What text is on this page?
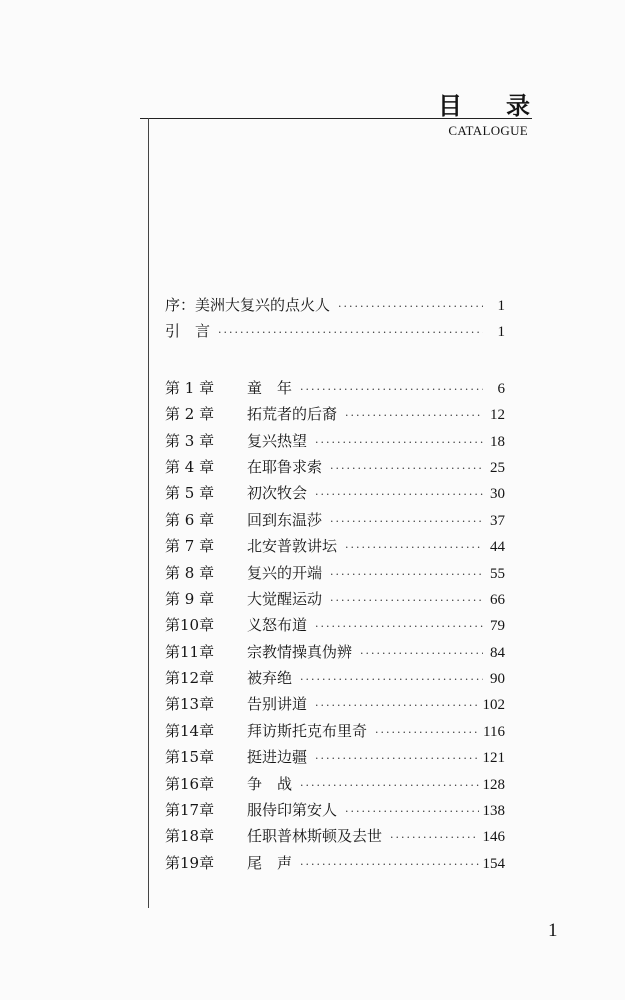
目 录
CATALOGUE
序：美洲大复兴的点火人 ·····	1
引　言 ·····	1
第 1 章	童　年 ·····	6
第 2 章	拓荒者的后裔 ·····	12
第 3 章	复兴热望 ·····	18
第 4 章	在耶鲁求索 ·····	25
第 5 章	初次牧会 ·····	30
第 6 章	回到东温莎 ·····	37
第 7 章	北安普敦讲坛 ·····	44
第 8 章	复兴的开端 ·····	55
第 9 章	大觉醒运动 ·····	66
第10章	义怒布道 ·····	79
第11章	宗教情操真伪辨 ·····	84
第12章	被弃绝 ·····	90
第13章	告别讲道 ·····	102
第14章	拜访斯托克布里奇 ·····	116
第15章	挺进边疆 ·····	121
第16章	争　战 ·····	128
第17章	服侍印第安人 ·····	138
第18章	任职普林斯顿及去世 ·····	146
第19章	尾　声 ·····	154
1
